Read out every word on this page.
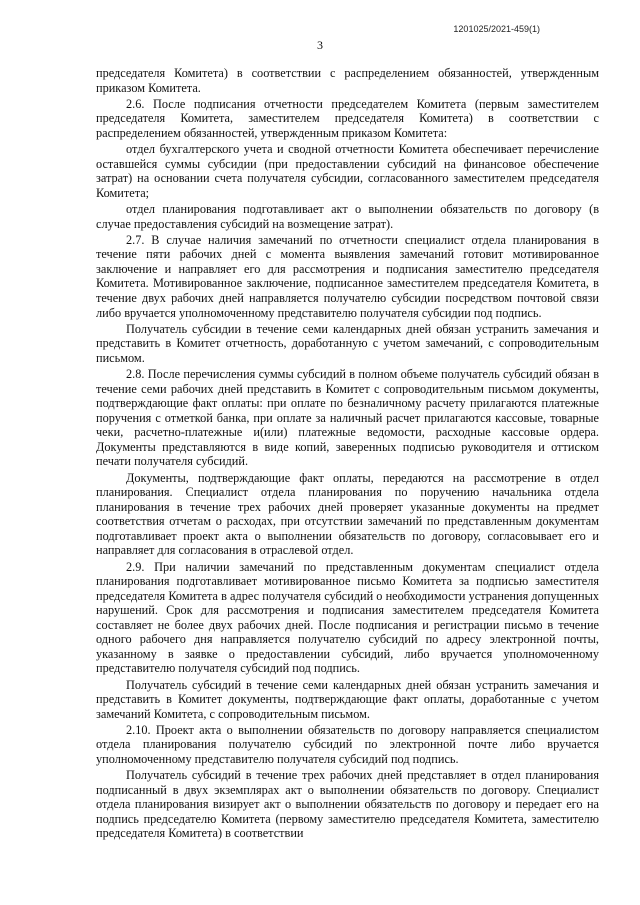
1201025/2021-459(1)
3

председателя Комитета) в соответствии с распределением обязанностей, утвержденным приказом Комитета.

2.6. После подписания отчетности председателем Комитета (первым заместителем председателя Комитета, заместителем председателя Комитета) в соответствии с распределением обязанностей, утвержденным приказом Комитета:

отдел бухгалтерского учета и сводной отчетности Комитета обеспечивает перечисление оставшейся суммы субсидии (при предоставлении субсидий на финансовое обеспечение затрат) на основании счета получателя субсидии, согласованного заместителем председателя Комитета;

отдел планирования подготавливает акт о выполнении обязательств по договору (в случае предоставления субсидий на возмещение затрат).

2.7. В случае наличия замечаний по отчетности специалист отдела планирования в течение пяти рабочих дней с момента выявления замечаний готовит мотивированное заключение и направляет его для рассмотрения и подписания заместителю председателя Комитета. Мотивированное заключение, подписанное заместителем председателя Комитета, в течение двух рабочих дней направляется получателю субсидии посредством почтовой связи либо вручается уполномоченному представителю получателя субсидии под подпись.

Получатель субсидии в течение семи календарных дней обязан устранить замечания и представить в Комитет отчетность, доработанную с учетом замечаний, с сопроводительным письмом.

2.8. После перечисления суммы субсидий в полном объеме получатель субсидий обязан в течение семи рабочих дней представить в Комитет с сопроводительным письмом документы, подтверждающие факт оплаты: при оплате по безналичному расчету прилагаются платежные поручения с отметкой банка, при оплате за наличный расчет прилагаются кассовые, товарные чеки, расчетно-платежные и(или) платежные ведомости, расходные кассовые ордера. Документы представляются в виде копий, заверенных подписью руководителя и оттиском печати получателя субсидий.

Документы, подтверждающие факт оплаты, передаются на рассмотрение в отдел планирования. Специалист отдела планирования по поручению начальника отдела планирования в течение трех рабочих дней проверяет указанные документы на предмет соответствия отчетам о расходах, при отсутствии замечаний по представленным документам подготавливает проект акта о выполнении обязательств по договору, согласовывает его и направляет для согласования в отраслевой отдел.

2.9. При наличии замечаний по представленным документам специалист отдела планирования подготавливает мотивированное письмо Комитета за подписью заместителя председателя Комитета в адрес получателя субсидий о необходимости устранения допущенных нарушений. Срок для рассмотрения и подписания заместителем председателя Комитета составляет не более двух рабочих дней. После подписания и регистрации письмо в течение одного рабочего дня направляется получателю субсидий по адресу электронной почты, указанному в заявке о предоставлении субсидий, либо вручается уполномоченному представителю получателя субсидий под подпись.

Получатель субсидий в течение семи календарных дней обязан устранить замечания и представить в Комитет документы, подтверждающие факт оплаты, доработанные с учетом замечаний Комитета, с сопроводительным письмом.

2.10. Проект акта о выполнении обязательств по договору направляется специалистом отдела планирования получателю субсидий по электронной почте либо вручается уполномоченному представителю получателя субсидий под подпись.

Получатель субсидий в течение трех рабочих дней представляет в отдел планирования подписанный в двух экземплярах акт о выполнении обязательств по договору. Специалист отдела планирования визирует акт о выполнении обязательств по договору и передает его на подпись председателю Комитета (первому заместителю председателя Комитета, заместителю председателя Комитета) в соответствии
